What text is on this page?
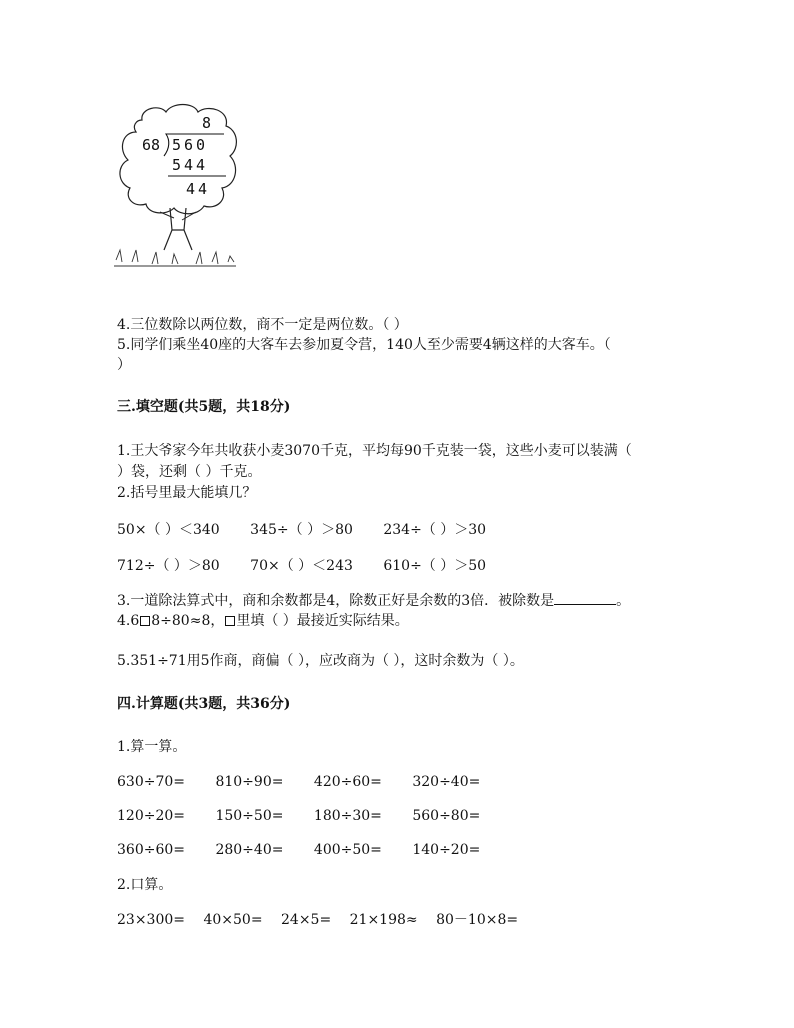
8
68 560
544
44
4.三位数除以两位数，商不一定是两位数。（ ）
5.同学们乘坐40座的大客车去参加夏令营，140人至少需要4辆这样的大客车。（
）
三.填空题(共5题，共18分)
1.王大爷家今年共收获小麦3070千克，平均每90千克装一袋，这些小麦可以装满（
）袋，还剩（ ）千克。
2.括号里最大能填几？
50×（ ）＜340 345÷（ ）＞80 234÷（ ）＞30
712÷（ ）＞80 70×（ ）＜243 610÷（ ）＞50
3.一道除法算式中，商和余数都是4，除数正好是余数的3倍．被除数是	。
4.6 8÷80≈8， 里填（ ）最接近实际结果。
5.351÷71用5作商，商偏（ ），应改商为（ ），这时余数为（ ）。
四.计算题(共3题，共36分)
1.算一算。
630÷70= 810÷90= 420÷60= 320÷40=
120÷20= 150÷50= 180÷30= 560÷80=
360÷60= 280÷40= 400÷50= 140÷20=
2.口算。
23×300= 40×50= 24×5= 21×198≈ 80－10×8=
